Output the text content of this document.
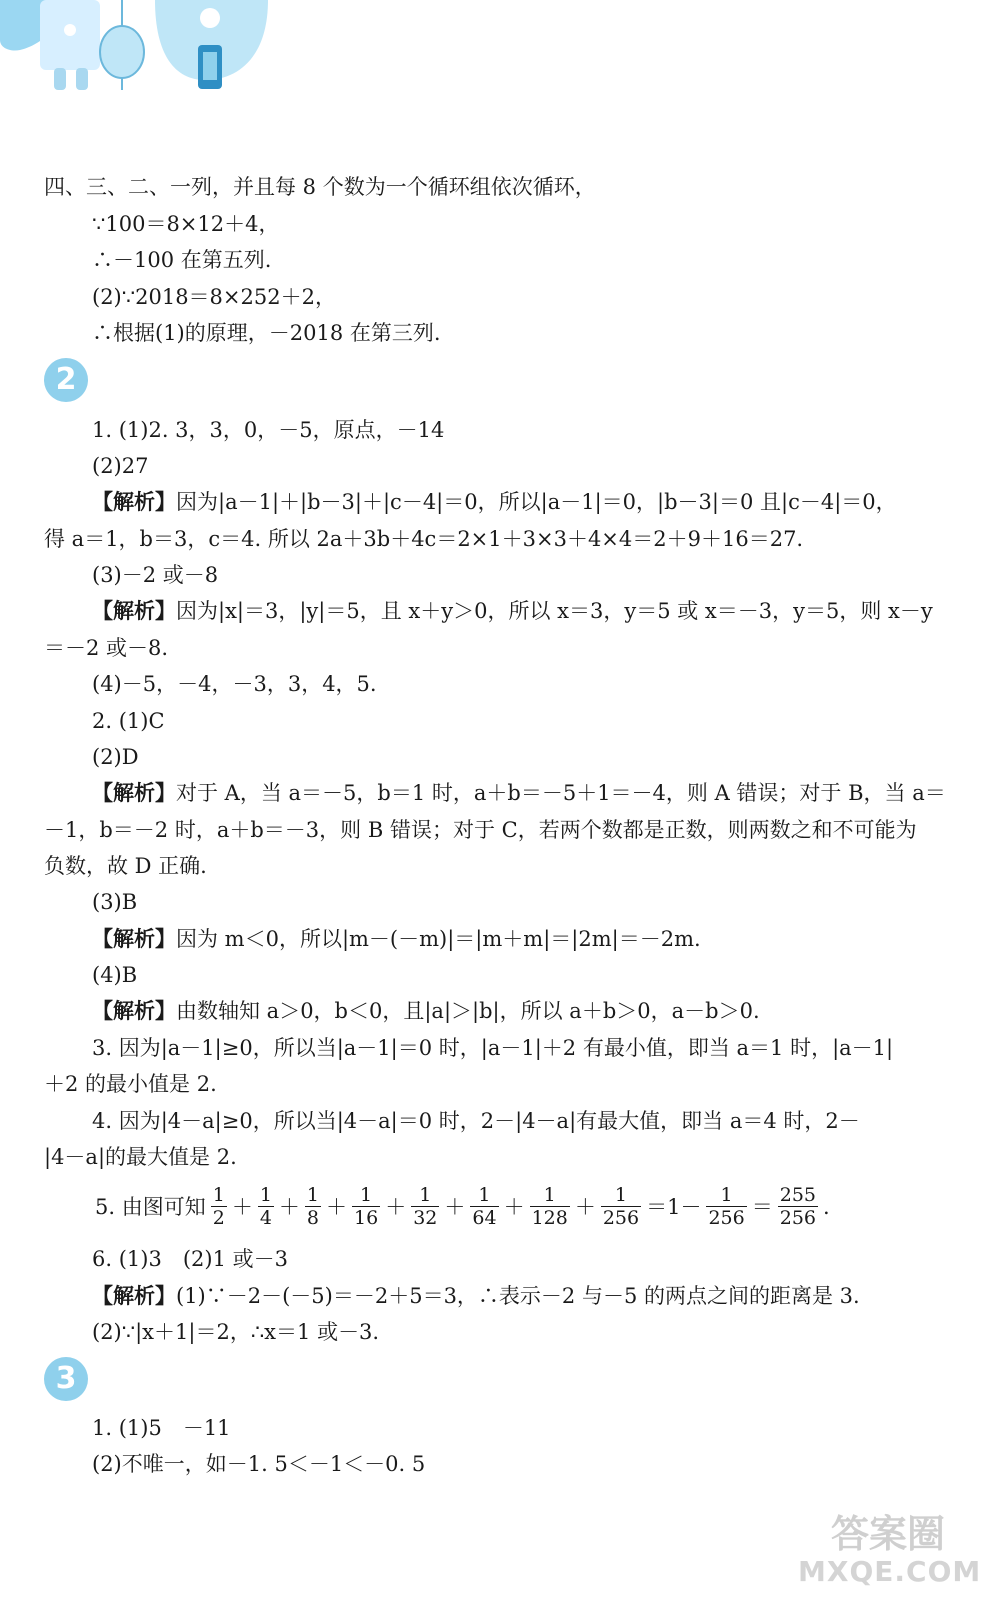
四、三、二、一列，并且每 8 个数为一个循环组依次循环，
∵100＝8×12＋4，
∴－100 在第五列.
(2)∵2018＝8×252＋2，
∴根据(1)的原理，－2018 在第三列.
2
1. (1)2. 3，3，0，－5，原点，－14
(2)27
【解析】因为|a－1|＋|b－3|＋|c－4|＝0，所以|a－1|＝0，|b－3|＝0 且|c－4|＝0，
得 a＝1，b＝3，c＝4. 所以 2a＋3b＋4c＝2×1＋3×3＋4×4＝2＋9＋16＝27.
(3)－2 或－8
【解析】因为|x|＝3，|y|＝5，且 x＋y＞0，所以 x＝3，y＝5 或 x＝－3，y＝5，则 x－y
＝－2 或－8.
(4)－5，－4，－3，3，4，5.
2. (1)C
(2)D
【解析】对于 A，当 a＝－5，b＝1 时，a＋b＝－5＋1＝－4，则 A 错误；对于 B，当 a＝
－1，b＝－2 时，a＋b＝－3，则 B 错误；对于 C，若两个数都是正数，则两数之和不可能为
负数，故 D 正确.
(3)B
【解析】因为 m＜0，所以|m－(－m)|＝|m＋m|＝|2m|＝－2m.
(4)B
【解析】由数轴知 a＞0，b＜0，且|a|＞|b|，所以 a＋b＞0，a－b＞0.
3. 因为|a－1|≥0，所以当|a－1|＝0 时，|a－1|＋2 有最小值，即当 a＝1 时，|a－1|
＋2 的最小值是 2.
4. 因为|4－a|≥0，所以当|4－a|＝0 时，2－|4－a|有最大值，即当 a＝4 时，2－
|4－a|的最大值是 2.
5. 由图可知 $\frac{1}{2} + \frac{1}{4} + \frac{1}{8} + \frac{1}{16} + \frac{1}{32} + \frac{1}{64} + \frac{1}{128} + \frac{1}{256} =1- \frac{1}{256} = \frac{255}{256}$ .
6. (1)3　(2)1 或－3
【解析】(1)∵－2－(－5)＝－2＋5＝3，∴表示－2 与－5 的两点之间的距离是 3.
(2)∵|x＋1|＝2，∴x＝1 或－3.
3
1. (1)5　－11
(2)不唯一，如－1. 5＜－1＜－0. 5
答案圈
MXQE.COM
